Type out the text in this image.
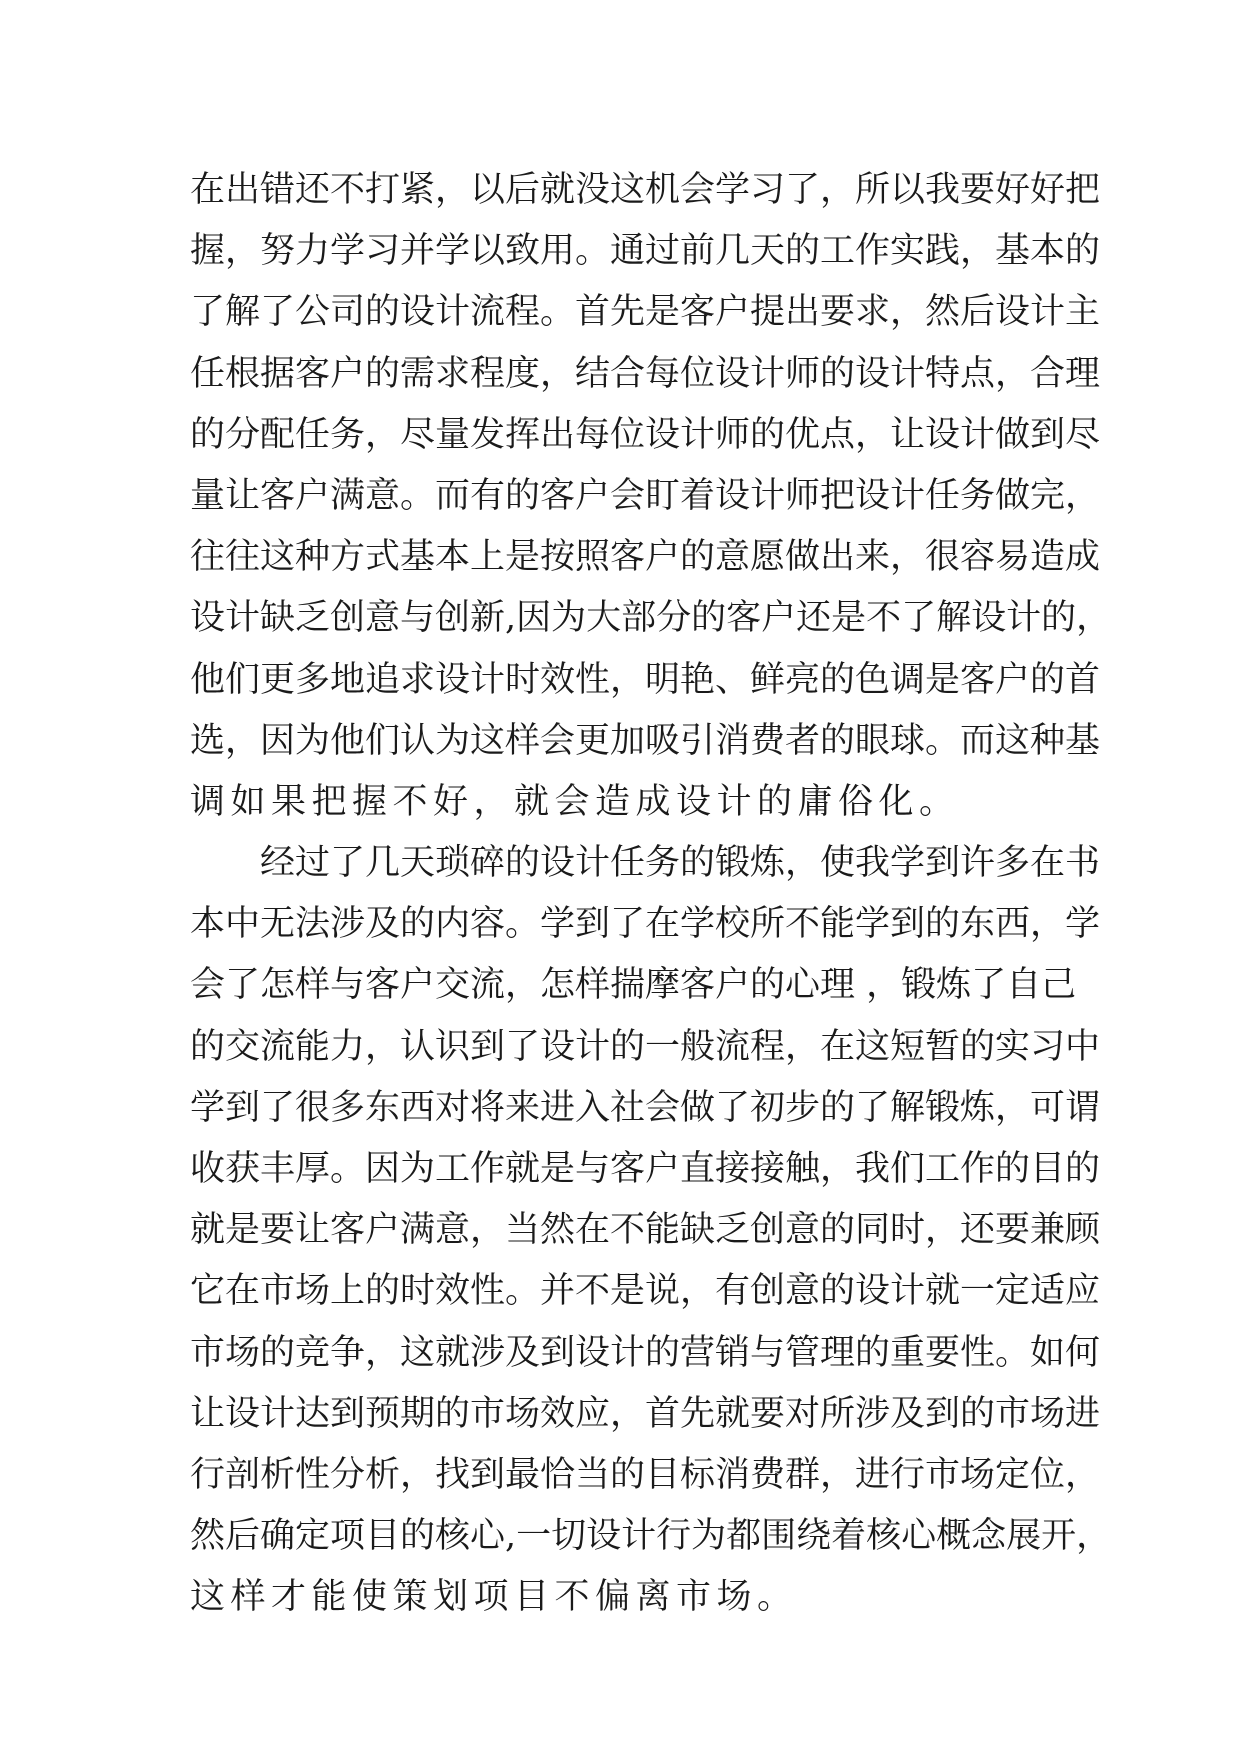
在出错还不打紧，以后就没这机会学习了，所以我要好好把
握，努力学习并学以致用。通过前几天的工作实践，基本的
了解了公司的设计流程。首先是客户提出要求，然后设计主
任根据客户的需求程度，结合每位设计师的设计特点，合理
的分配任务，尽量发挥出每位设计师的优点，让设计做到尽
量让客户满意。而有的客户会盯着设计师把设计任务做完，
往往这种方式基本上是按照客户的意愿做出来，很容易造成
设计缺乏创意与创新,因为大部分的客户还是不了解设计的，
他们更多地追求设计时效性，明艳、鲜亮的色调是客户的首
选，因为他们认为这样会更加吸引消费者的眼球。而这种基
调如果把握不好，就会造成设计的庸俗化。
经过了几天琐碎的设计任务的锻炼，使我学到许多在书
本中无法涉及的内容。学到了在学校所不能学到的东西，学
会了怎样与客户交流，怎样揣摩客户的心理 ，锻炼了自己
的交流能力，认识到了设计的一般流程，在这短暂的实习中
学到了很多东西对将来进入社会做了初步的了解锻炼，可谓
收获丰厚。因为工作就是与客户直接接触，我们工作的目的
就是要让客户满意，当然在不能缺乏创意的同时，还要兼顾
它在市场上的时效性。并不是说，有创意的设计就一定适应
市场的竞争，这就涉及到设计的营销与管理的重要性。如何
让设计达到预期的市场效应，首先就要对所涉及到的市场进
行剖析性分析，找到最恰当的目标消费群，进行市场定位，
然后确定项目的核心,一切设计行为都围绕着核心概念展开，
这样才能使策划项目不偏离市场。
